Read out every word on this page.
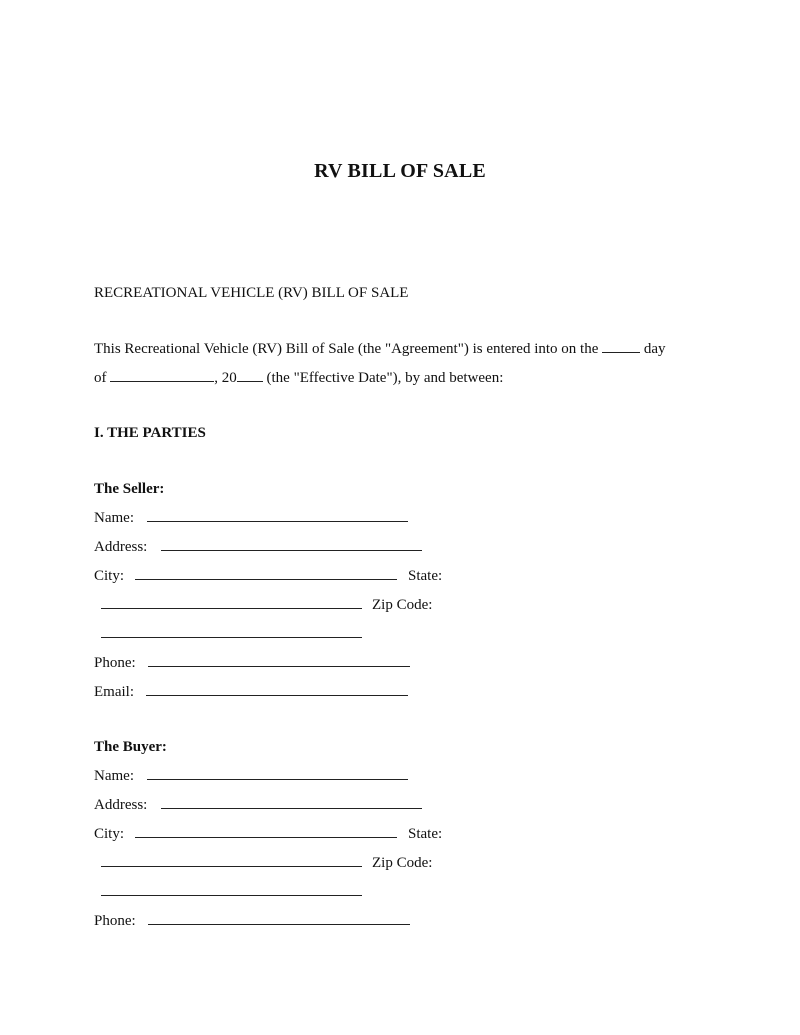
RV BILL OF SALE
RECREATIONAL VEHICLE (RV) BILL OF SALE
This Recreational Vehicle (RV) Bill of Sale (the "Agreement") is entered into on the	day
of	, 20 (the "Effective Date"), by and between:
I. THE PARTIES
The Seller:
Name:
Address:
City:	State:
Zip Code:
Phone:
Email:
The Buyer:
Name:
Address:
City:	State:
Zip Code:
Phone:
